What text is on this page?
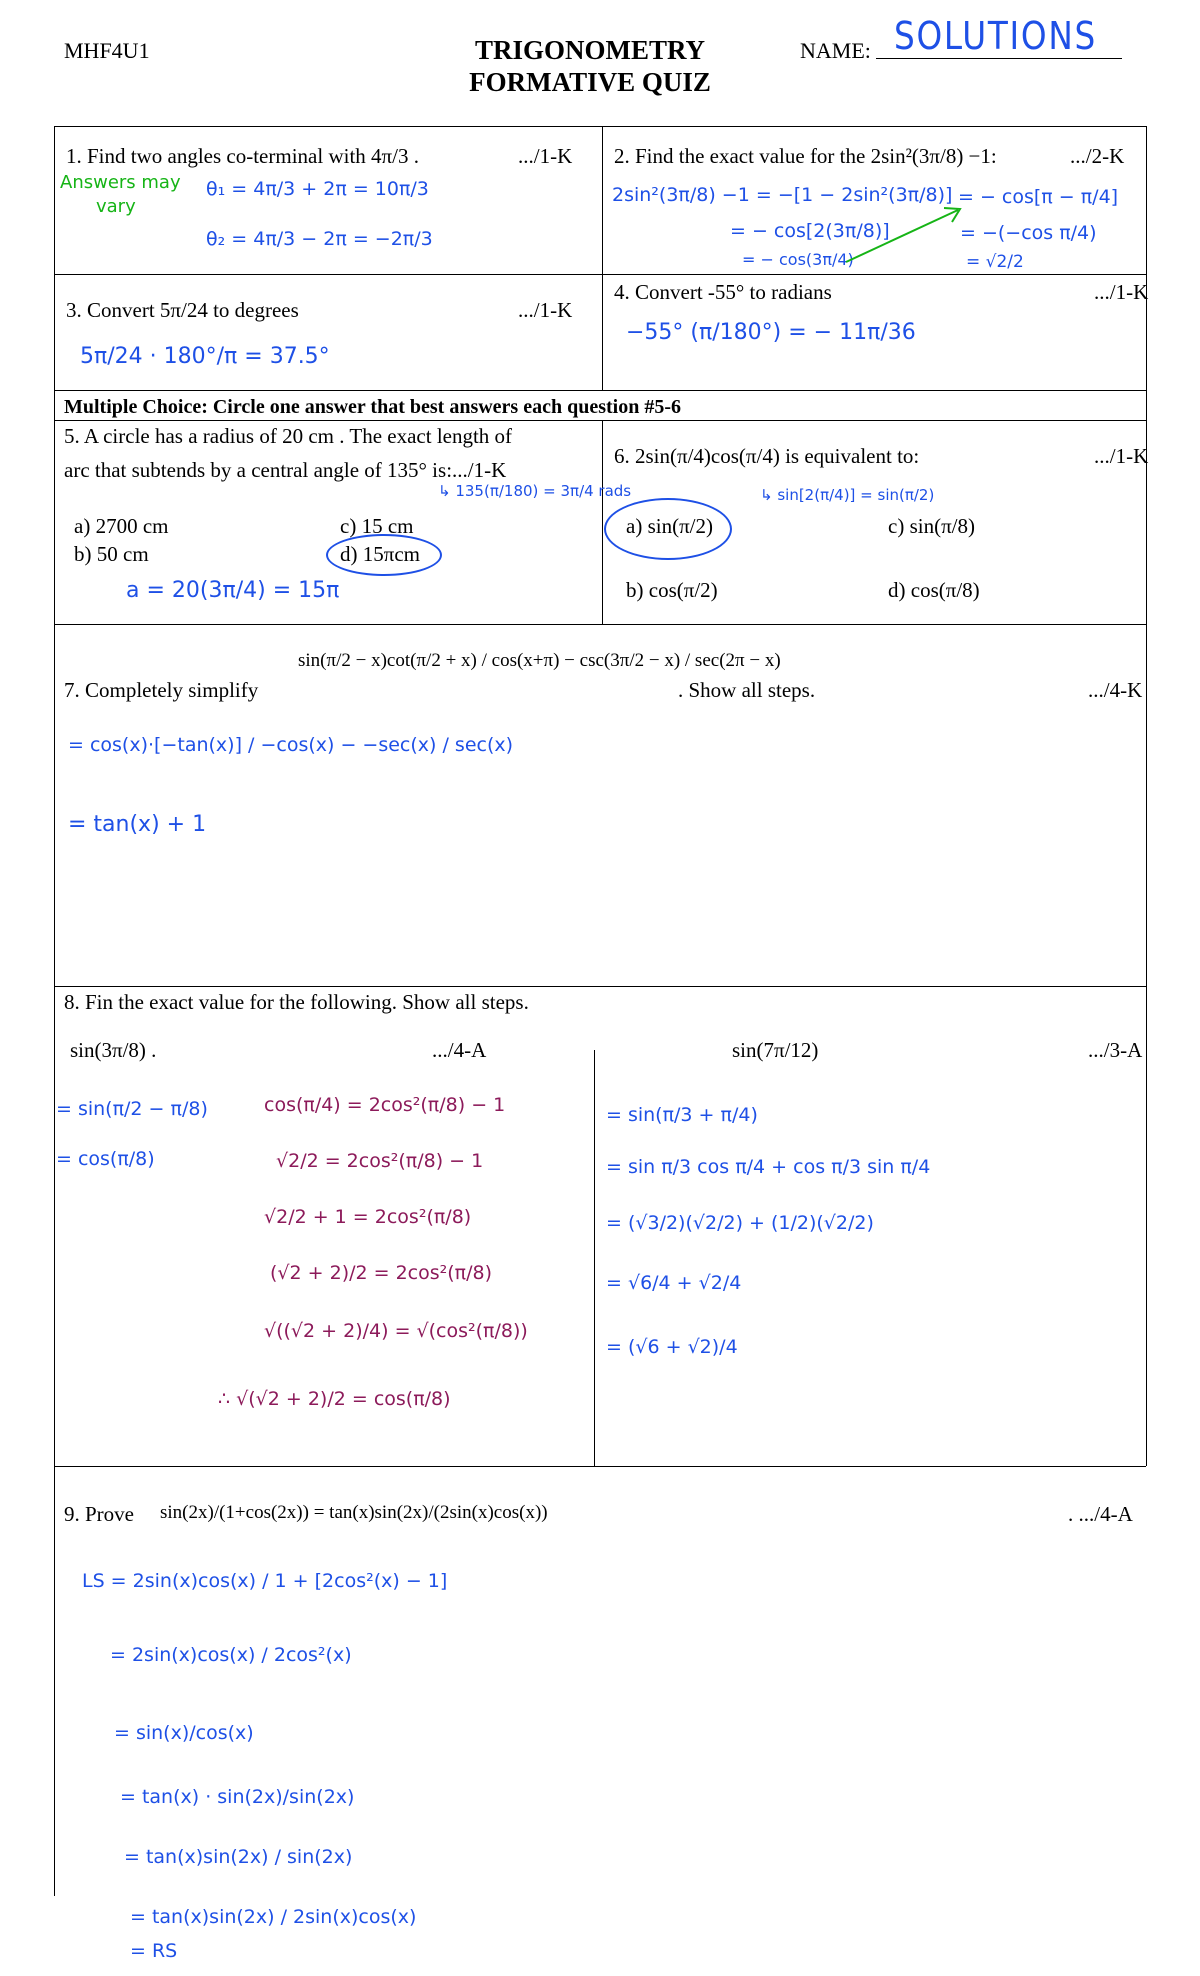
MHF4U1	TRIGONOMETRY
FORMATIVE QUIZ
NAME: SOLUTIONS
1. Find two angles co-terminal with 4π/3 .	.../1-K
Answers may
vary
θ₁ = 4π/3 + 2π = 10π/3
θ₂ = 4π/3 − 2π = −2π/3
2. Find the exact value for the 2sin²(3π/8) −1:	.../2-K
2sin²(3π/8) −1 = −[1 − 2sin²(3π/8)]
= − cos[2(3π/8)]
= − cos(3π/4)
= − cos[π − π/4]
= −(−cos π/4)
= √2/2
3. Convert 5π/24 to degrees	.../1-K
5π/24 · 180°/π = 37.5°
4. Convert -55° to radians	.../1-K
−55° (π/180°) = − 11π/36
Multiple Choice: Circle one answer that best answers each question #5-6
5. A circle has a radius of 20 cm . The exact length of
arc that subtends by a central angle of 135° is:.../1-K
↳ 135(π/180) = 3π/4 rads
a) 2700 cm
b) 50 cm
c) 15 cm
d) 15πcm
a = 20(3π/4) = 15π
6. 2sin(π/4)cos(π/4) is equivalent to:	.../1-K
↳ sin[2(π/4)] = sin(π/2)
a) sin(π/2)
b) cos(π/2)
c) sin(π/8)
d) cos(π/8)
7. Completely simplify
sin(π/2 − x)cot(π/2 + x) / cos(x+π) − csc(3π/2 − x) / sec(2π − x)
. Show all steps.	.../4-K
= cos(x)·[−tan(x)] / −cos(x) − −sec(x) / sec(x)
= tan(x) + 1
8. Fin the exact value for the following. Show all steps.
sin(3π/8) .	.../4-A	sin(7π/12)	.../3-A
= sin(π/2 − π/8)
= cos(π/8)
cos(π/4) = 2cos²(π/8) − 1
√2/2 = 2cos²(π/8) − 1
√2/2 + 1 = 2cos²(π/8)
(√2 + 2)/2 = 2cos²(π/8)
√((√2 + 2)/4) = √(cos²(π/8))
∴ √(√2 + 2)/2 = cos(π/8)
= sin(π/3 + π/4)
= sin π/3 cos π/4 + cos π/3 sin π/4
= (√3/2)(√2/2) + (1/2)(√2/2)
= √6/4 + √2/4
= (√6 + √2)/4
9. Prove sin(2x)/(1+cos(2x)) = tan(x)sin(2x)/(2sin(x)cos(x))	. .../4-A
LS = 2sin(x)cos(x) / 1 + [2cos²(x) − 1]
= 2sin(x)cos(x) / 2cos²(x)
= sin(x)/cos(x)
= tan(x) · sin(2x)/sin(2x)
= tan(x)sin(2x) / sin(2x)
= tan(x)sin(2x) / 2sin(x)cos(x)
= RS
